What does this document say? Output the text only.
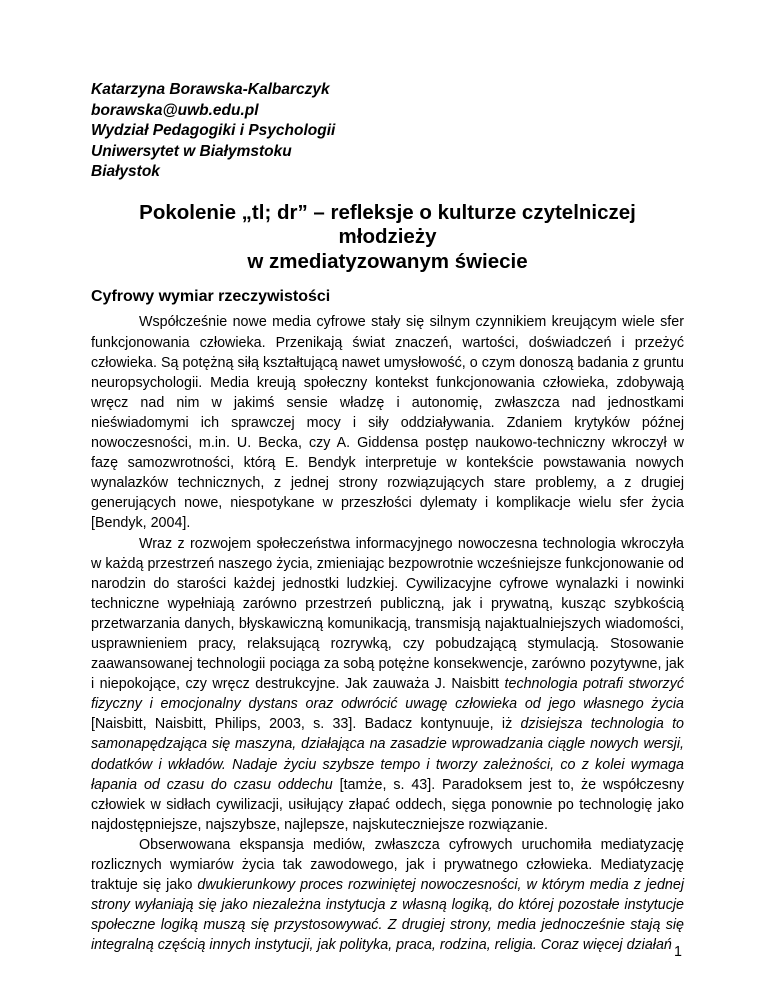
Katarzyna Borawska-Kalbarczyk
borawska@uwb.edu.pl
Wydział Pedagogiki i Psychologii
Uniwersytet w Białymstoku
Białystok
Pokolenie „tl; dr” – refleksje o kulturze czytelniczej młodzieży
w zmediatyzowanym świecie
Cyfrowy wymiar rzeczywistości

Współcześnie nowe media cyfrowe stały się silnym czynnikiem kreującym wiele sfer funkcjonowania człowieka. Przenikają świat znaczeń, wartości, doświadczeń i przeżyć człowieka. Są potężną siłą kształtującą nawet umysłowość, o czym donoszą badania z gruntu neuropsychologii. Media kreują społeczny kontekst funkcjonowania człowieka, zdobywają wręcz nad nim w jakimś sensie władzę i autonomię, zwłaszcza nad jednostkami nieświadomymi ich sprawczej mocy i siły oddziaływania. Zdaniem krytyków późnej nowoczesności, m.in. U. Becka, czy A. Giddensa postęp naukowo-techniczny wkroczył w fazę samozwrotności, którą E. Bendyk interpretuje w kontekście powstawania nowych wynalazków technicznych, z jednej strony rozwiązujących stare problemy, a z drugiej generujących nowe, niespotykane w przeszłości dylematy i komplikacje wielu sfer życia [Bendyk, 2004].

Wraz z rozwojem społeczeństwa informacyjnego nowoczesna technologia wkroczyła w każdą przestrzeń naszego życia, zmieniając bezpowrotnie wcześniejsze funkcjonowanie od narodzin do starości każdej jednostki ludzkiej. Cywilizacyjne cyfrowe wynalazki i nowinki techniczne wypełniają zarówno przestrzeń publiczną, jak i prywatną, kusząc szybkością przetwarzania danych, błyskawiczną komunikacją, transmisją najaktualniejszych wiadomości, usprawnieniem pracy, relaksującą rozrywką, czy pobudzającą stymulacją. Stosowanie zaawansowanej technologii pociąga za sobą potężne konsekwencje, zarówno pozytywne, jak i niepokojące, czy wręcz destrukcyjne. Jak zauważa J. Naisbitt technologia potrafi stworzyć fizyczny i emocjonalny dystans oraz odwrócić uwagę człowieka od jego własnego życia [Naisbitt, Naisbitt, Philips, 2003, s. 33]. Badacz kontynuuje, iż dzisiejsza technologia to samonapędzająca się maszyna, działająca na zasadzie wprowadzania ciągle nowych wersji, dodatków i wkładów. Nadaje życiu szybsze tempo i tworzy zależności, co z kolei wymaga łapania od czasu do czasu oddechu [tamże, s. 43]. Paradoksem jest to, że współczesny człowiek w sidłach cywilizacji, usiłujący złapać oddech, sięga ponownie po technologię jako najdostępniejsze, najszybsze, najlepsze, najskuteczniejsze rozwiązanie.

Obserwowana ekspansja mediów, zwłaszcza cyfrowych uruchomiła mediatyzację rozlicznych wymiarów życia tak zawodowego, jak i prywatnego człowieka. Mediatyzację traktuje się jako dwukierunkowy proces rozwiniętej nowoczesności, w którym media z jednej strony wyłaniają się jako niezależna instytucja z własną logiką, do której pozostałe instytucje społeczne logiką muszą się przystosowywać. Z drugiej strony, media jednocześnie stają się integralną częścią innych instytucji, jak polityka, praca, rodzina, religia. Coraz więcej działań 1
